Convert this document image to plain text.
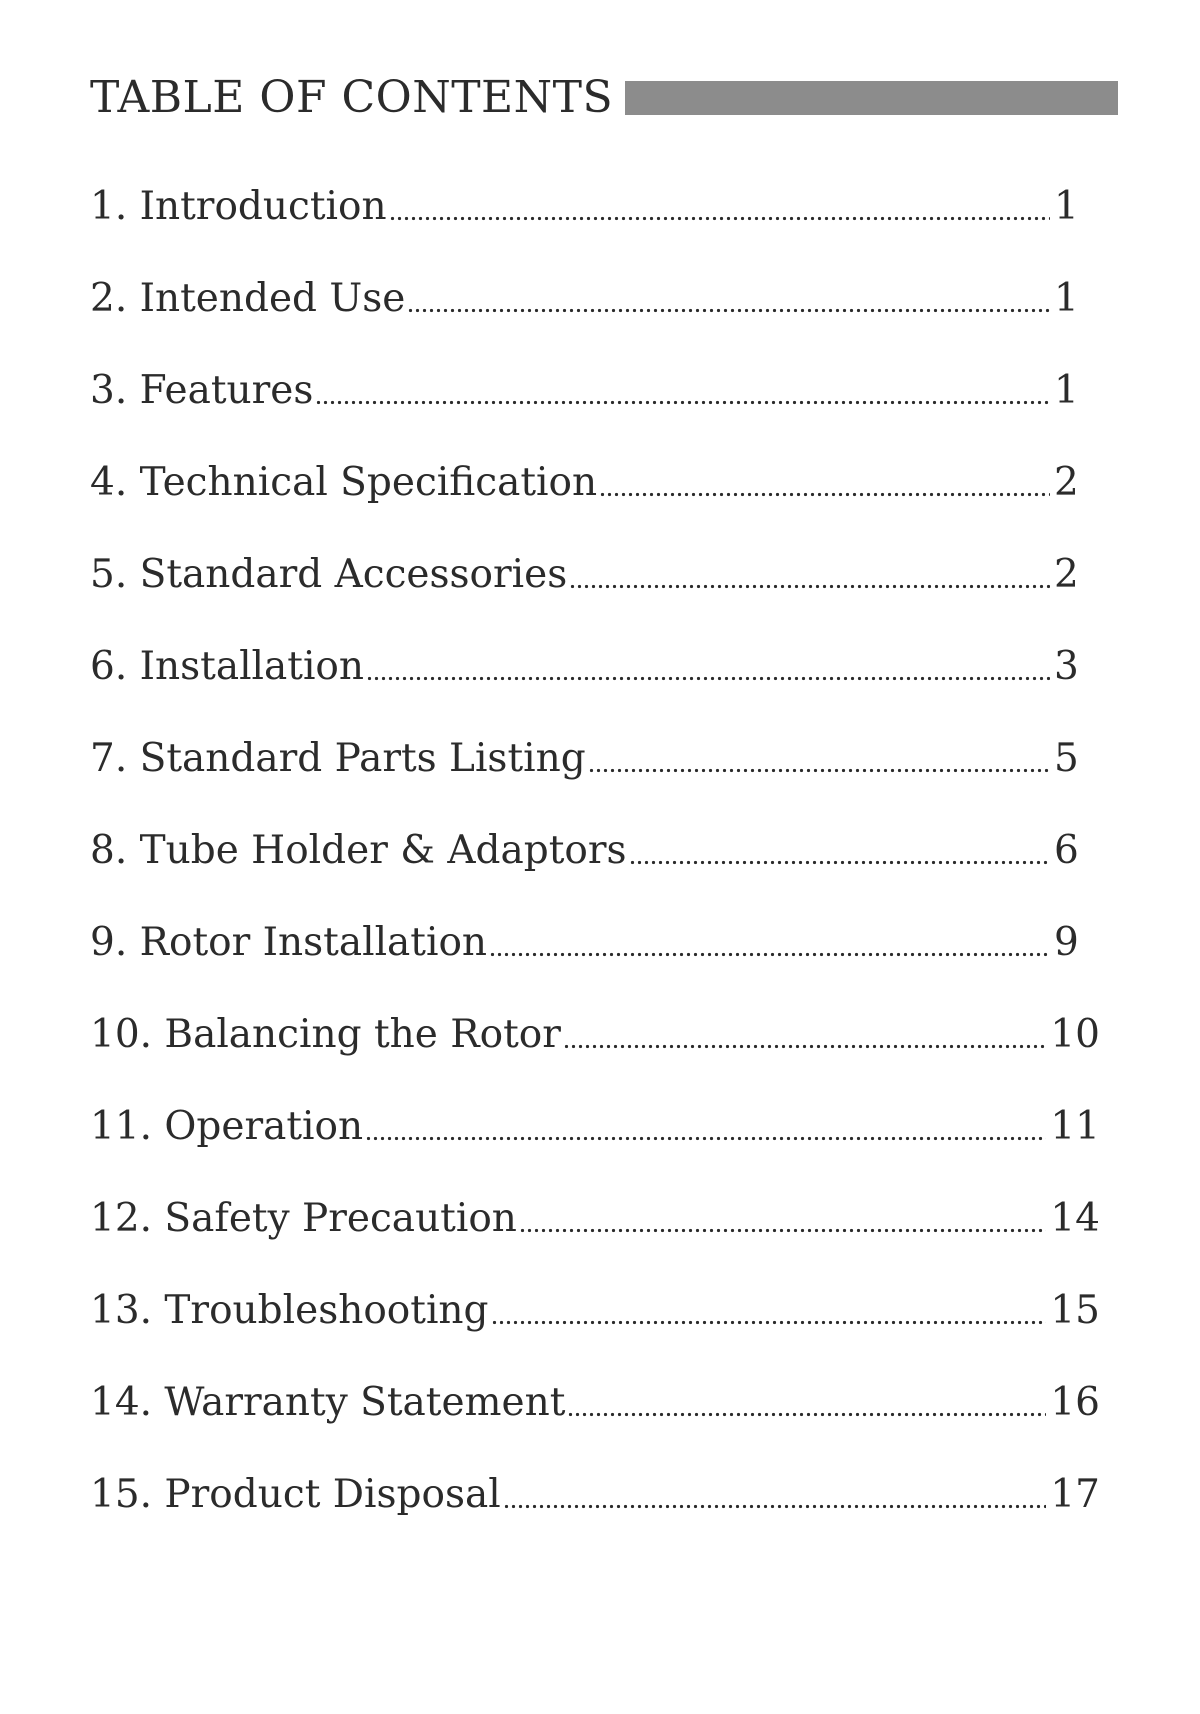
TABLE OF CONTENTS
1. Introduction	1
2. Intended Use	1
3. Features	1
4. Technical Specification	2
5. Standard Accessories	2
6. Installation	3
7. Standard Parts Listing	5
8. Tube Holder & Adaptors	6
9. Rotor Installation	9
10. Balancing the Rotor	10
11. Operation	11
12. Safety Precaution	14
13. Troubleshooting	15
14. Warranty Statement	16
15. Product Disposal	17
